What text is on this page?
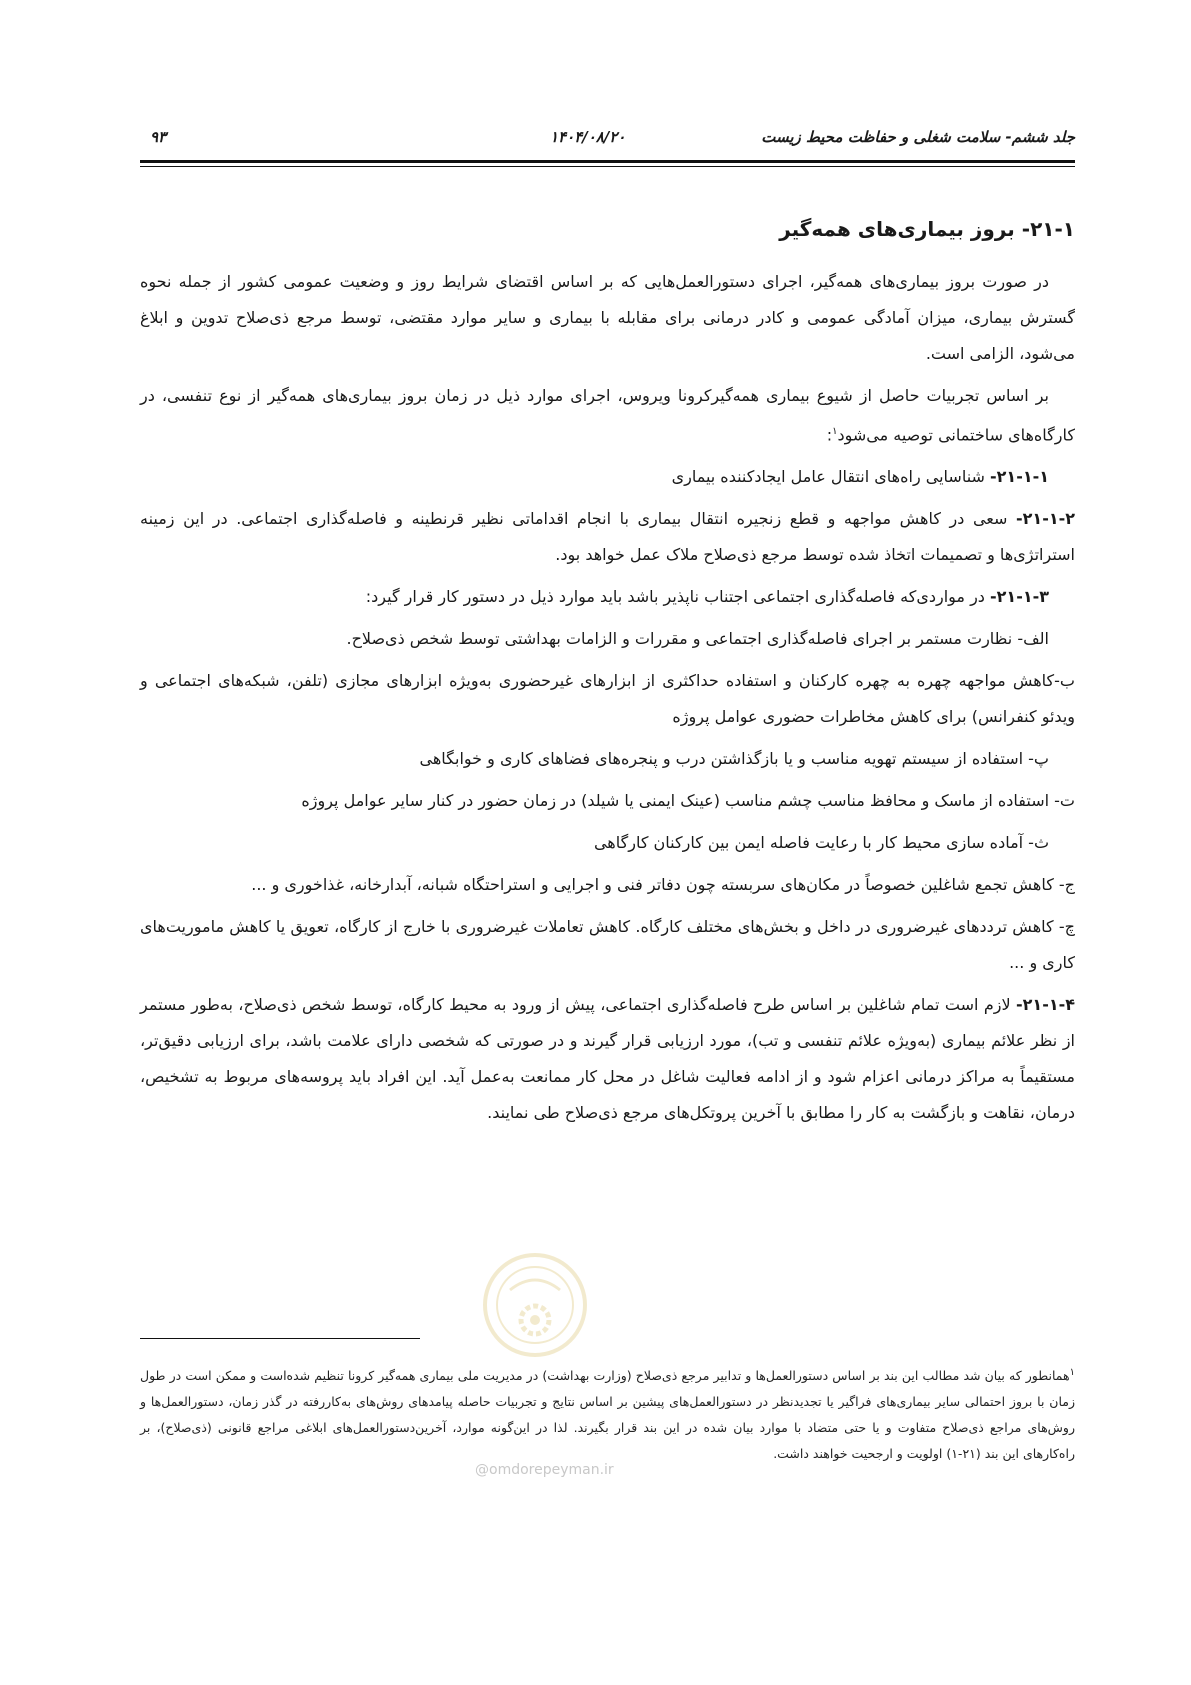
جلد ششم- سلامت شغلی و حفاظت محیط زیست
۱۴۰۴/۰۸/۲۰
۹۳
۲۱-۱- بروز بیماری‌های همه‌گیر

در صورت بروز بیماری‌های همه‌گیر، اجرای دستورالعمل‌هایی که بر اساس اقتضای شرایط روز و وضعیت عمومی کشور از جمله نحوه گسترش بیماری، میزان آمادگی عمومی و کادر درمانی برای مقابله با بیماری و سایر موارد مقتضی، توسط مرجع ذی‌صلاح تدوین و ابلاغ می‌شود، الزامی است.

بر اساس تجربیات حاصل از شیوع بیماری همه‌گیرکرونا ویروس، اجرای موارد ذیل در زمان بروز بیماری‌های همه‌گیر از نوع تنفسی، در کارگاه‌های ساختمانی توصیه می‌شود$^۱$:

۲۱-۱-۱- شناسایی راه‌های انتقال عامل ایجادکننده بیماری

۲۱-۱-۲- سعی در کاهش مواجهه و قطع زنجیره انتقال بیماری با انجام اقداماتی نظیر قرنطینه و فاصله‌گذاری اجتماعی. در این زمینه استراتژی‌ها و تصمیمات اتخاذ شده توسط مرجع ذی‌صلاح ملاک عمل خواهد بود.

۲۱-۱-۳- در مواردی‌که فاصله‌گذاری اجتماعی اجتناب ناپذیر باشد باید موارد ذیل در دستور کار قرار گیرد:

الف- نظارت مستمر بر اجرای فاصله‌گذاری اجتماعی و مقررات و الزامات بهداشتی توسط شخص ذی‌صلاح.

ب-کاهش مواجهه چهره به چهره کارکنان و استفاده حداکثری از ابزارهای غیرحضوری به‌ویژه ابزارهای مجازی (تلفن، شبکه‌های اجتماعی و ویدئو کنفرانس) برای کاهش مخاطرات حضوری عوامل پروژه

پ- استفاده از سیستم تهویه مناسب و یا بازگذاشتن درب و پنجره‌های فضاهای کاری و خوابگاهی

ت- استفاده از ماسک و محافظ مناسب چشم مناسب (عینک ایمنی یا شیلد) در زمان حضور در کنار سایر عوامل پروژه

ث- آماده سازی محیط کار با رعایت فاصله ایمن بین کارکنان کارگاهی

ج- کاهش تجمع شاغلین خصوصاً در مکان‌های سربسته چون دفاتر فنی و اجرایی و استراحتگاه شبانه، آبدارخانه، غذاخوری و ...

چ- کاهش ترددهای غیرضروری در داخل و بخش‌های مختلف کارگاه. کاهش تعاملات غیرضروری با خارج از کارگاه، تعویق یا کاهش ماموریت‌های کاری و ...

۲۱-۱-۴- لازم است تمام شاغلین بر اساس طرح فاصله‌گذاری اجتماعی، پیش از ورود به محیط کارگاه، توسط شخص ذی‌صلاح، به‌طور مستمر از نظر علائم بیماری (به‌ویژه علائم تنفسی و تب)، مورد ارزیابی قرار گیرند و در صورتی که شخصی دارای علامت باشد، برای ارزیابی دقیق‌تر، مستقیماً به مراکز درمانی اعزام شود و از ادامه فعالیت شاغل در محل کار ممانعت به‌عمل آید. این افراد باید پروسه‌های مربوط به تشخیص، درمان، نقاهت و بازگشت به کار را مطابق با آخرین پروتکل‌های مرجع ذی‌صلاح طی نمایند.

@omdorepeyman.ir
$^۱$همانطور که بیان شد مطالب این بند بر اساس دستورالعمل‌ها و تدابیر مرجع ذی‌صلاح (وزارت بهداشت) در مدیریت ملی بیماری همه‌گیر کرونا تنظیم شده‌است و ممکن است در طول زمان با بروز احتمالی سایر بیماری‌های فراگیر یا تجدیدنظر در دستورالعمل‌های پیشین بر اساس نتایج و تجربیات حاصله پیامدهای روش‌های به‌کاررفته در گذر زمان، دستورالعمل‌ها و روش‌های مراجع ذی‌صلاح متفاوت و یا حتی متضاد با موارد بیان شده در این بند قرار بگیرند. لذا در این‌گونه موارد، آخرین‌دستورالعمل‌های ابلاغی مراجع قانونی (ذی‌صلاح)، بر راه‌کارهای این بند (۲۱-۱) اولویت و ارجحیت خواهند داشت.
